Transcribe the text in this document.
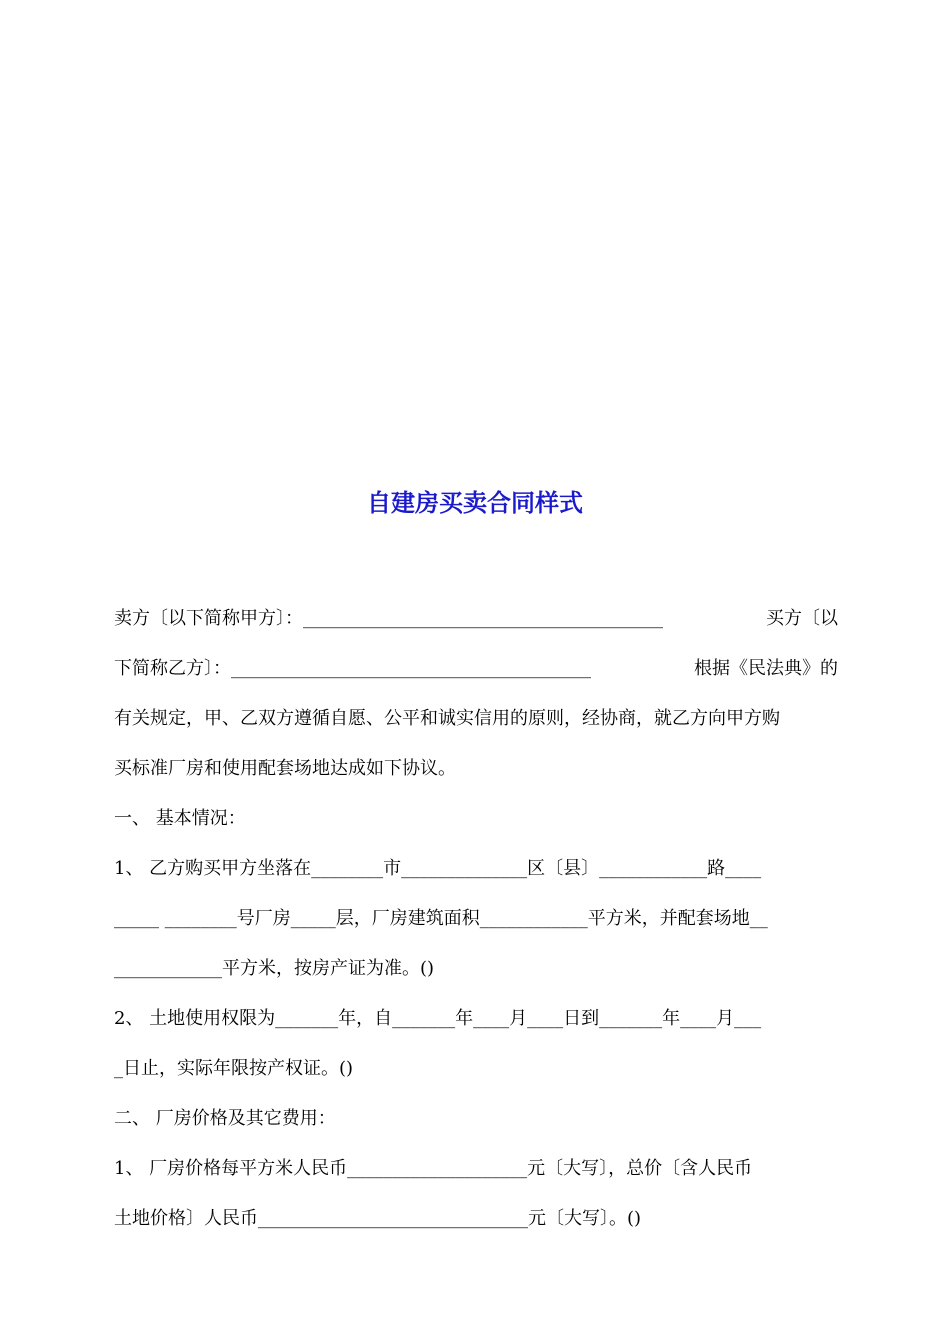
自建房买卖合同样式
卖方〔以下简称甲方〕：________________________________________	买方〔以
下简称乙方〕：________________________________________	根据《民法典》的
有关规定，甲、乙双方遵循自愿、公平和诚实信用的原则，经协商，就乙方向甲方购
买标准厂房和使用配套场地达成如下协议。
一、 基本情况：
1、 乙方购买甲方坐落在________市______________区〔县〕____________路____
_____ ________号厂房_____层，厂房建筑面积____________平方米，并配套场地__
____________平方米，按房产证为准。()
2、 土地使用权限为_______年，自_______年____月____日到_______年____月___
_日止，实际年限按产权证。()
二、 厂房价格及其它费用：
1、 厂房价格每平方米人民币____________________元〔大写〕，总价〔含人民币
土地价格〕人民币______________________________元〔大写〕。()
